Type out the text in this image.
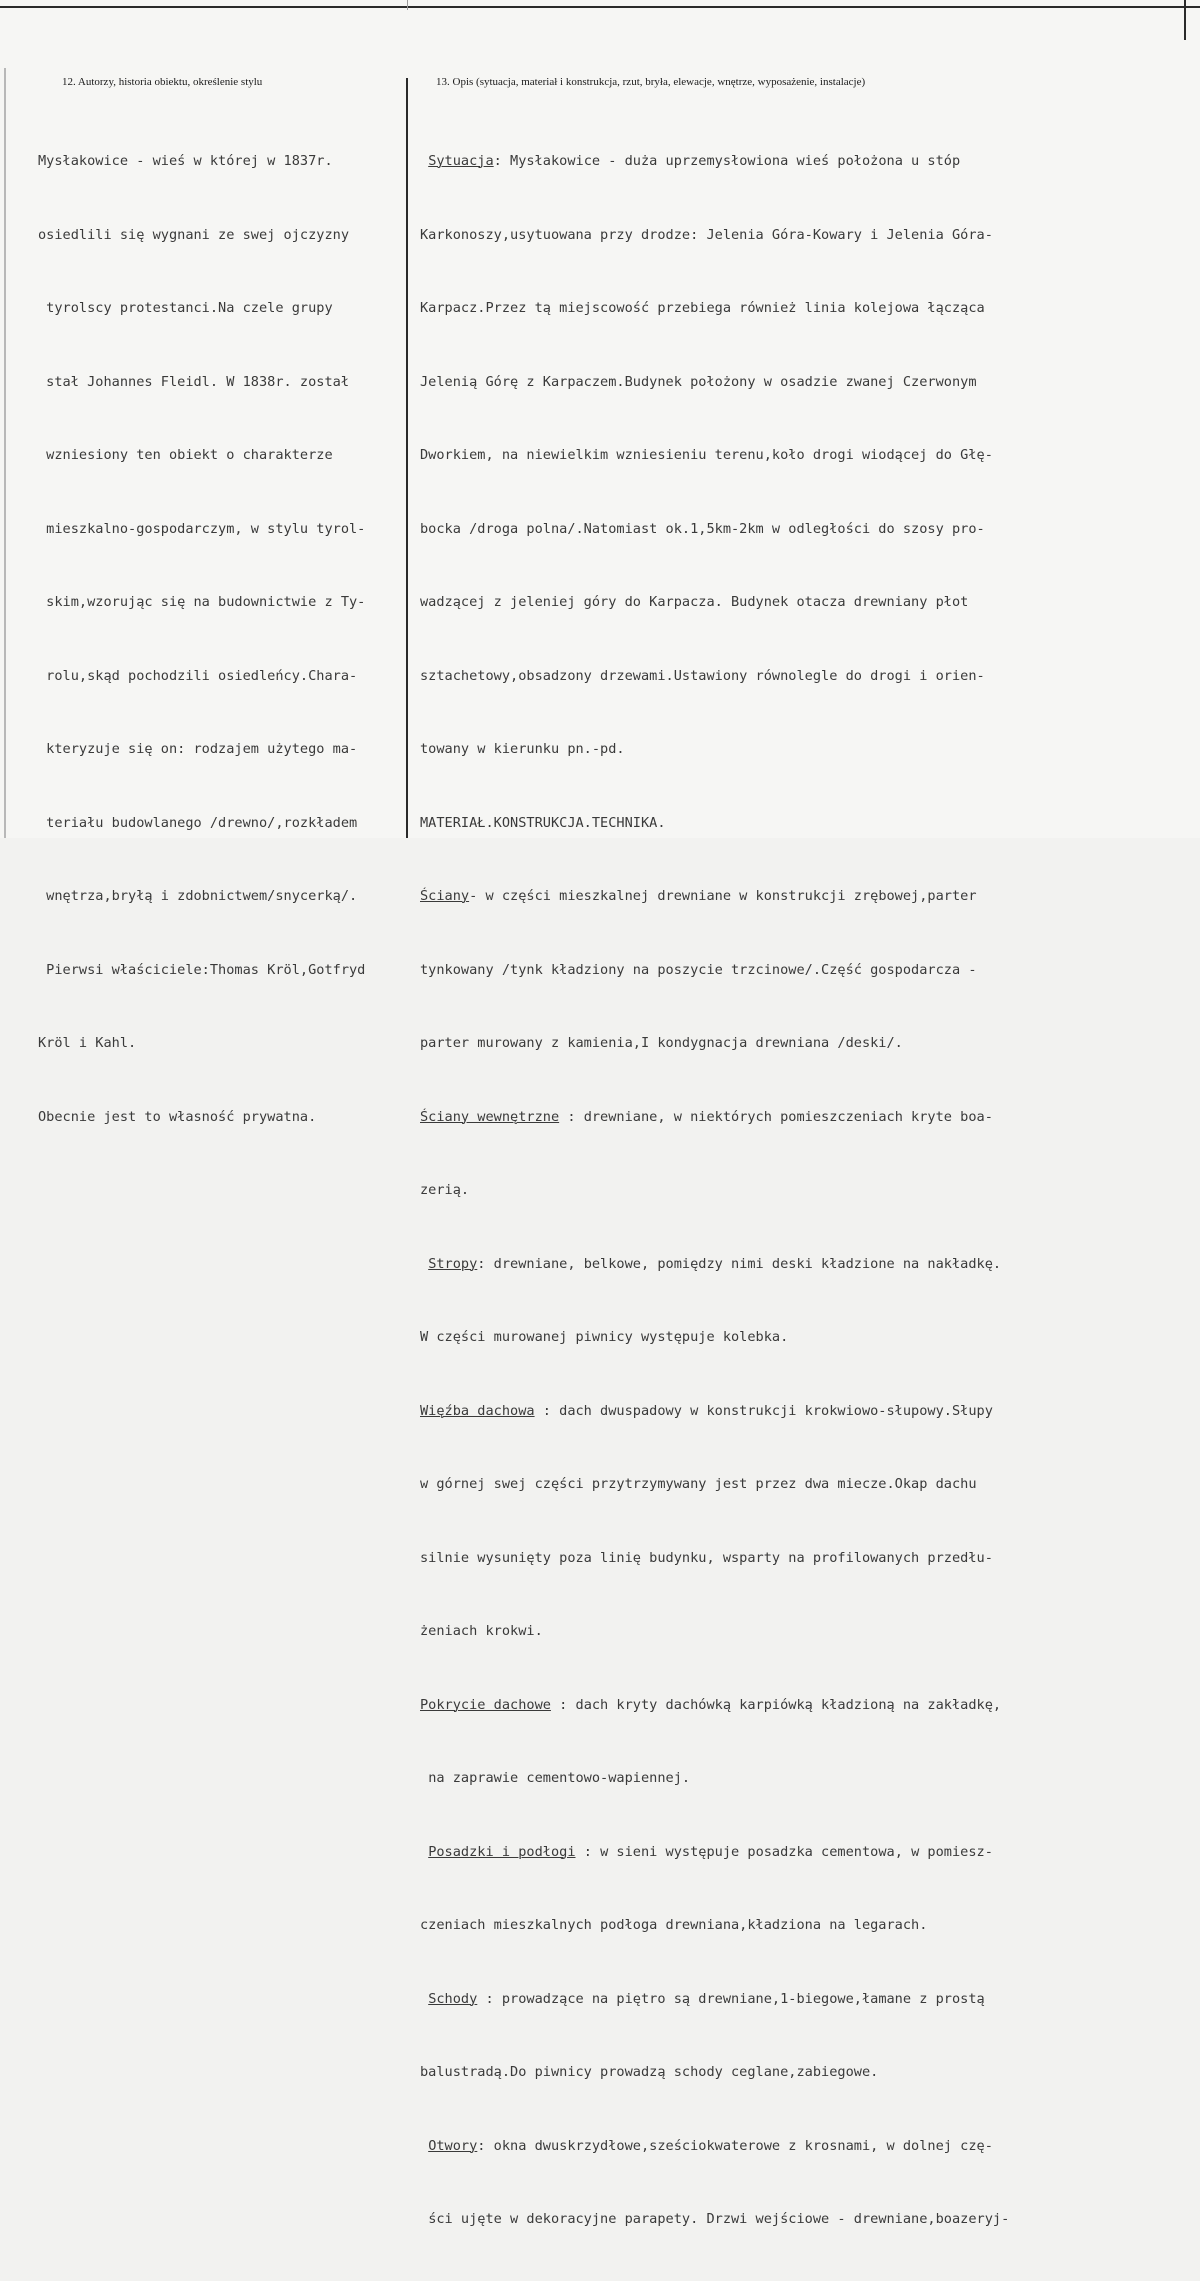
12. Autorzy, historia obiektu, określenie stylu	13. Opis (sytuacja, materiał i konstrukcja, rzut, bryła, elewacje, wnętrze, wyposażenie, instalacje)

Mysłakowice - wieś w której w 1837r.

osiedlili się wygnani ze swej ojczyzny

tyrolscy protestanci.Na czele grupy

stał Johannes Fleidl. W 1838r. został

wzniesiony ten obiekt o charakterze

mieszkalno-gospodarczym, w stylu tyrol-

skim,wzorując się na budownictwie z Ty-

rolu,skąd pochodzili osiedleńcy.Chara-

kteryzuje się on: rodzajem użytego ma-

teriału budowlanego /drewno/,rozkładem

wnętrza,bryłą i zdobnictwem/snycerką/.

Pierwsi właściciele:Thomas Kröl,Gotfryd

Kröl i Kahl.

Obecnie jest to własność prywatna.

Sytuacja: Mysłakowice - duża uprzemysłowiona wieś położona u stóp

Karkonoszy,usytuowana przy drodze: Jelenia Góra-Kowary i Jelenia Góra-

Karpacz.Przez tą miejscowość przebiega również linia kolejowa łącząca

Jelenią Górę z Karpaczem.Budynek położony w osadzie zwanej Czerwonym

Dworkiem, na niewielkim wzniesieniu terenu,koło drogi wiodącej do Głę-

bocka /droga polna/.Natomiast ok.1,5km-2km w odległości do szosy pro-

wadzącej z jeleniej góry do Karpacza. Budynek otacza drewniany płot

sztachetowy,obsadzony drzewami.Ustawiony równolegle do drogi i orien-

towany w kierunku pn.-pd.

MATERIAŁ.KONSTRUKCJA.TECHNIKA.

Ściany- w części mieszkalnej drewniane w konstrukcji zrębowej,parter

tynkowany /tynk kładziony na poszycie trzcinowe/.Część gospodarcza -

parter murowany z kamienia,I kondygnacja drewniana /deski/.

Ściany wewnętrzne : drewniane, w niektórych pomieszczeniach kryte boa-

zerią.

Stropy: drewniane, belkowe, pomiędzy nimi deski kładzione na nakładkę.

W części murowanej piwnicy występuje kolebka.

Więźba dachowa : dach dwuspadowy w konstrukcji krokwiowo-słupowy.Słupy

w górnej swej części przytrzymywany jest przez dwa miecze.Okap dachu

silnie wysunięty poza linię budynku, wsparty na profilowanych przedłu-

żeniach krokwi.

Pokrycie dachowe : dach kryty dachówką karpiówką kładzioną na zakładkę,

na zaprawie cementowo-wapiennej.

Posadzki i podłogi : w sieni występuje posadzka cementowa, w pomiesz-

czeniach mieszkalnych podłoga drewniana,kładziona na legarach.

Schody : prowadzące na piętro są drewniane,1-biegowe,łamane z prostą

balustradą.Do piwnicy prowadzą schody ceglane,zabiegowe.

Otwory: okna dwuskrzydłowe,sześciokwaterowe z krosnami, w dolnej czę-

ści ujęte w dekoracyjne parapety. Drzwi wejściowe - drewniane,boazeryj-
